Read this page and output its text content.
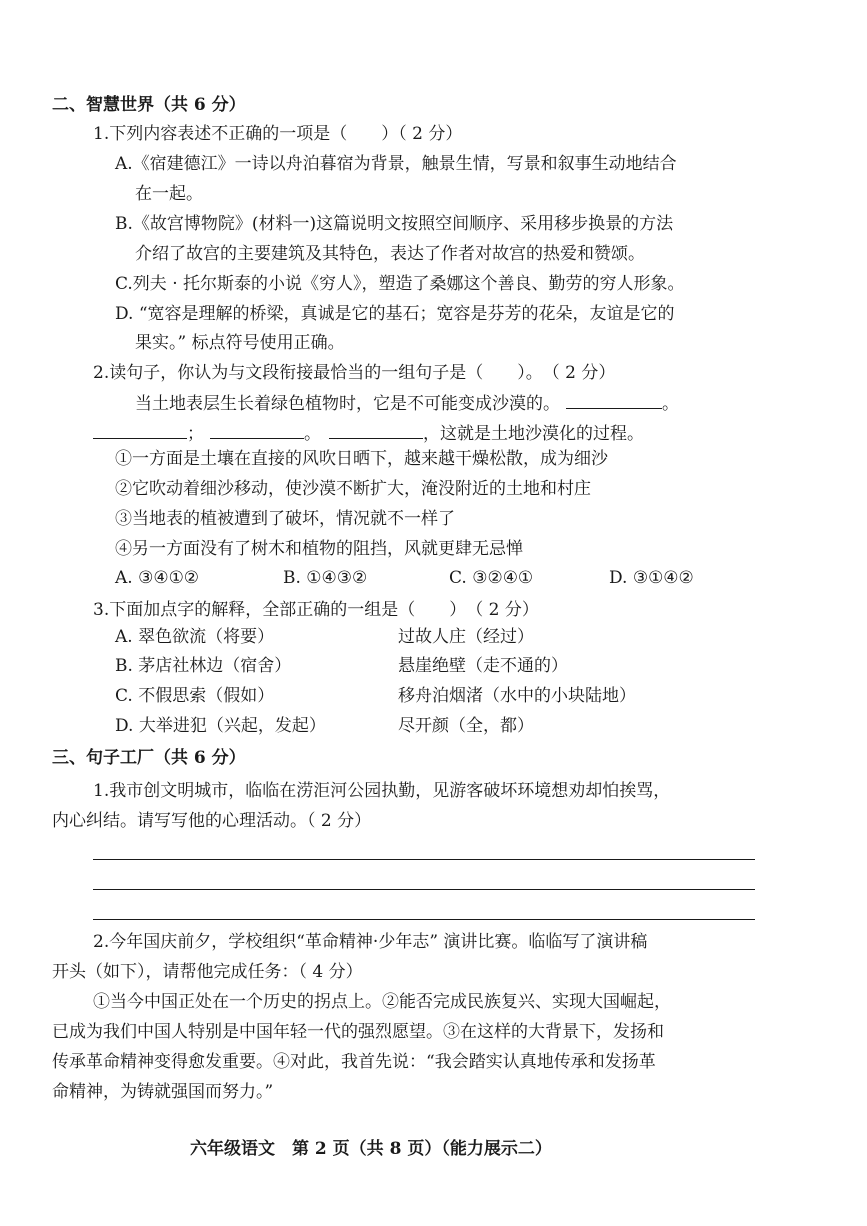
二、智慧世界（共 6 分）
1.下列内容表述不正确的一项是（　　）（ 2 分）
A.《宿建德江》一诗以舟泊暮宿为背景，触景生情，写景和叙事生动地结合
在一起。
B.《故宫博物院》(材料一)这篇说明文按照空间顺序、采用移步换景的方法
介绍了故宫的主要建筑及其特色，表达了作者对故宫的热爱和赞颂。
C.列夫 · 托尔斯泰的小说《穷人》，塑造了桑娜这个善良、勤劳的穷人形象。
D. “宽容是理解的桥梁，真诚是它的基石；宽容是芬芳的花朵，友谊是它的
果实。” 标点符号使用正确。
2.读句子，你认为与文段衔接最恰当的一组句子是（　　）。　（ 2 分）
当土地表层生长着绿色植物时，它是不可能变成沙漠的。	。
；	。	，这就是土地沙漠化的过程。
①一方面是土壤在直接的风吹日晒下，越来越干燥松散，成为细沙
②它吹动着细沙移动，使沙漠不断扩大，淹没附近的土地和村庄
③当地表的植被遭到了破坏，情况就不一样了
④另一方面没有了树木和植物的阻挡，风就更肆无忌惮
A. ③④①②	B. ①④③②	C. ③②④①	D. ③①④②
3.下面加点字的解释，全部正确的一组是（　　）　（ 2 分）
A. 翠色欲流（将要）	过故人庄（经过）
B. 茅店社林边（宿舍）	悬崖绝壁（走不通的）
C. 不假思索（假如）	移舟泊烟渚（水中的小块陆地）
D. 大举进犯（兴起，发起）	尽开颜（全，都）
三、句子工厂（共 6 分）
1.我市创文明城市，临临在涝洰河公园执勤，见游客破坏环境想劝却怕挨骂，
内心纠结。请写写他的心理活动。（ 2 分）
2.今年国庆前夕，学校组织“革命精神·少年志” 演讲比赛。临临写了演讲稿
开头（如下），请帮他完成任务：（ 4 分）
①当今中国正处在一个历史的拐点上。②能否完成民族复兴、实现大国崛起，
已成为我们中国人特别是中国年轻一代的强烈愿望。③在这样的大背景下，发扬和
传承革命精神变得愈发重要。④对此，我首先说：“我会踏实认真地传承和发扬革
命精神，为铸就强国而努力。”
六年级语文　第 2 页（共 8 页）（能力展示二）
